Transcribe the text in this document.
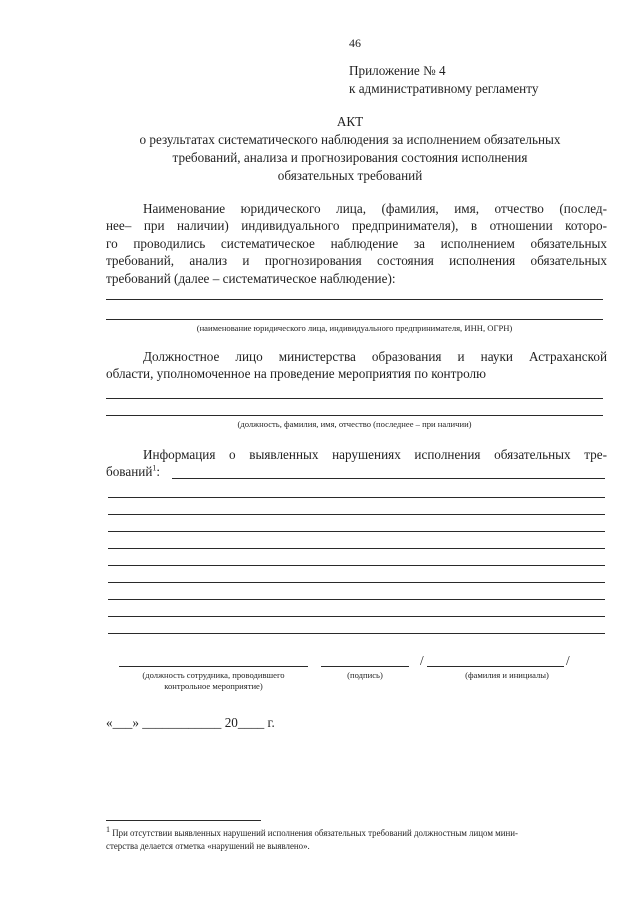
46
Приложение № 4
к административному регламенту
АКТ
о результатах систематического наблюдения за исполнением обязательных
требований, анализа и прогнозирования состояния исполнения
обязательных требований
Наименование юридического лица, (фамилия, имя, отчество (послед-
нее– при наличии) индивидуального предпринимателя), в отношении которо-
го проводились систематическое наблюдение за исполнением обязательных
требований, анализ и прогнозирования состояния исполнения обязательных
требований (далее – систематическое наблюдение):
(наименование юридического лица, индивидуального предпринимателя, ИНН, ОГРН)
Должностное лицо министерства образования и науки Астраханской
области, уполномоченное на проведение мероприятия по контролю
(должность, фамилия, имя, отчество (последнее – при наличии)
Информация о выявленных нарушениях исполнения обязательных тре-
бований$^1$:
/	/
(должность сотрудника, проводившего
контрольное мероприятие)
(подпись)	(фамилия и инициалы)
«___» ____________ 20____ г.
$^1$ При отсутствии выявленных нарушений исполнения обязательных требований должностным лицом мини-
стерства делается отметка «нарушений не выявлено».
